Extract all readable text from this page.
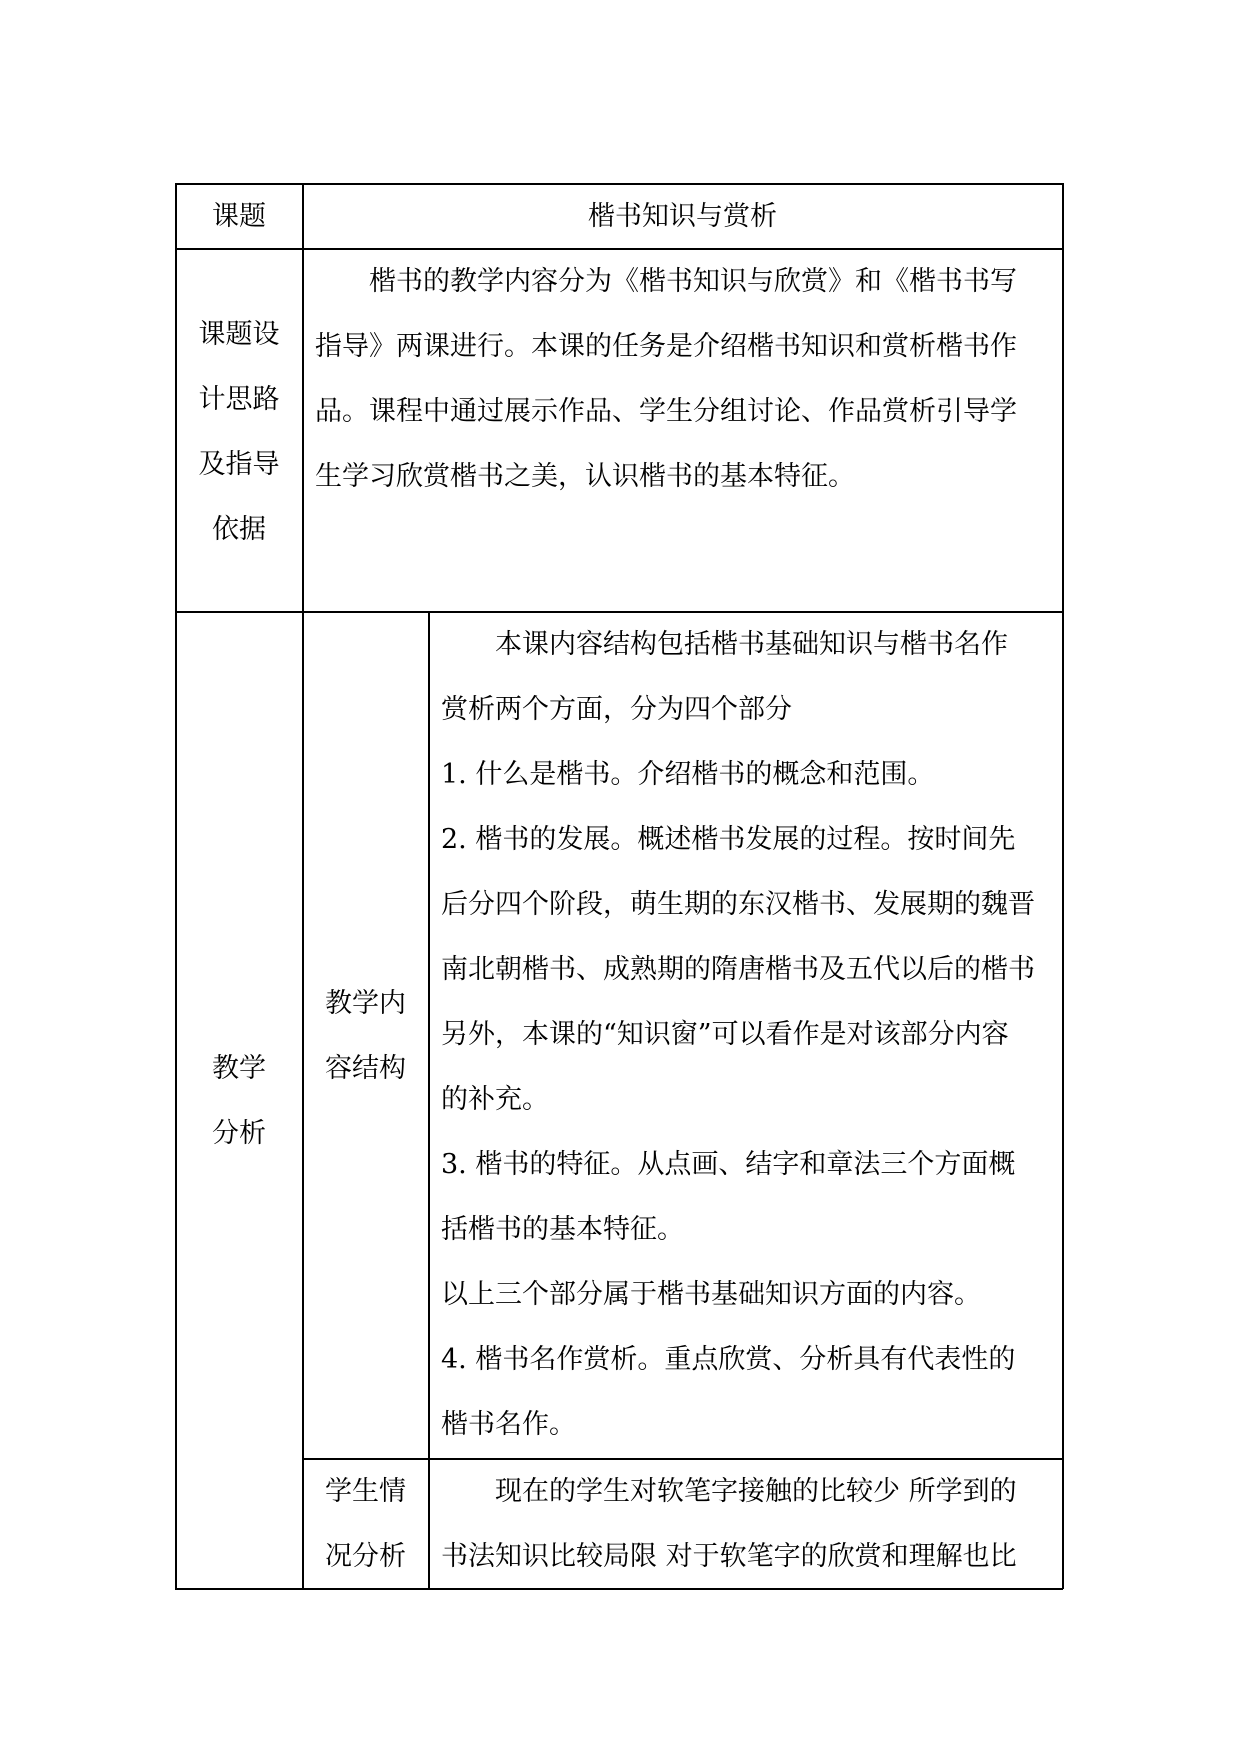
课题	楷书知识与赏析
课题设
计思路
及指导
依据
楷书的教学内容分为《楷书知识与欣赏》和《楷书书写
指导》两课进行。本课的任务是介绍楷书知识和赏析楷书作
品。课程中通过展示作品、学生分组讨论、作品赏析引导学
生学习欣赏楷书之美，认识楷书的基本特征。
教学
分析
教学内
容结构
本课内容结构包括楷书基础知识与楷书名作
赏析两个方面，分为四个部分
1. 什么是楷书。介绍楷书的概念和范围。
2. 楷书的发展。概述楷书发展的过程。按时间先
后分四个阶段，萌生期的东汉楷书、发展期的魏晋
南北朝楷书、成熟期的隋唐楷书及五代以后的楷书
另外，本课的“知识窗”可以看作是对该部分内容
的补充。
3. 楷书的特征。从点画、结字和章法三个方面概
括楷书的基本特征。
以上三个部分属于楷书基础知识方面的内容。
4. 楷书名作赏析。重点欣赏、分析具有代表性的
楷书名作。
学生情
况分析
现在的学生对软笔字接触的比较少 所学到的
书法知识比较局限 对于软笔字的欣赏和理解也比
